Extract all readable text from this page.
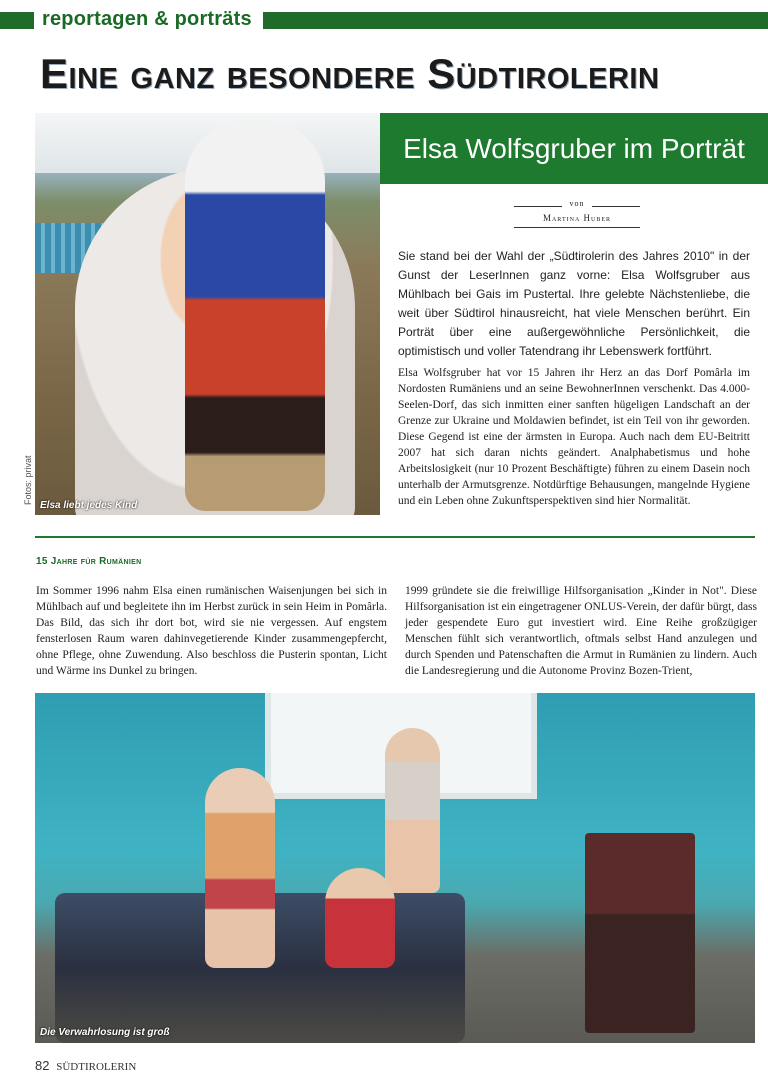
reportagen & porträts
Eine ganz besondere Südtirolerin
Elsa liebt jedes Kind
Fotos: privat
Elsa Wolfsgruber im Porträt
von
Martina Huber
Sie stand bei der Wahl der „Südtirolerin des Jahres 2010" in der Gunst der LeserInnen ganz vorne: Elsa Wolfsgruber aus Mühlbach bei Gais im Pustertal. Ihre gelebte Nächstenliebe, die weit über Südtirol hinausreicht, hat viele Menschen berührt. Ein Porträt über eine außergewöhnliche Persönlichkeit, die optimistisch und voller Tatendrang ihr Lebenswerk fortführt.
Elsa Wolfsgruber hat vor 15 Jahren ihr Herz an das Dorf Pomârla im Nordosten Rumäniens und an seine BewohnerInnen verschenkt. Das 4.000-Seelen-Dorf, das sich inmitten einer sanften hügeligen Landschaft an der Grenze zur Ukraine und Moldawien befindet, ist ein Teil von ihr geworden. Diese Gegend ist eine der ärmsten in Europa. Auch nach dem EU-Beitritt 2007 hat sich daran nichts geändert. Analphabetismus und hohe Arbeitslosigkeit (nur 10 Prozent Beschäftigte) führen zu einem Dasein noch unterhalb der Armutsgrenze. Notdürftige Behausungen, mangelnde Hygiene und ein Leben ohne Zukunftsperspektiven sind hier Normalität.
15 Jahre für Rumänien
Im Sommer 1996 nahm Elsa einen rumänischen Waisenjungen bei sich in Mühlbach auf und begleitete ihn im Herbst zurück in sein Heim in Pomârla. Das Bild, das sich ihr dort bot, wird sie nie vergessen. Auf engstem fensterlosen Raum waren dahinvegetierende Kinder zusammengepfercht, ohne Pflege, ohne Zuwendung. Also beschloss die Pusterin spontan, Licht und Wärme ins Dunkel zu bringen.
1999 gründete sie die freiwillige Hilfsorganisation „Kinder in Not". Diese Hilfsorganisation ist ein eingetragener ONLUS-Verein, der dafür bürgt, dass jeder gespendete Euro gut investiert wird. Eine Reihe großzügiger Menschen fühlt sich verantwortlich, oftmals selbst Hand anzulegen und durch Spenden und Patenschaften die Armut in Rumänien zu lindern. Auch die Landesregierung und die Autonome Provinz Bozen-Trient,
Die Verwahrlosung ist groß
82 SÜDTIROLERIN
